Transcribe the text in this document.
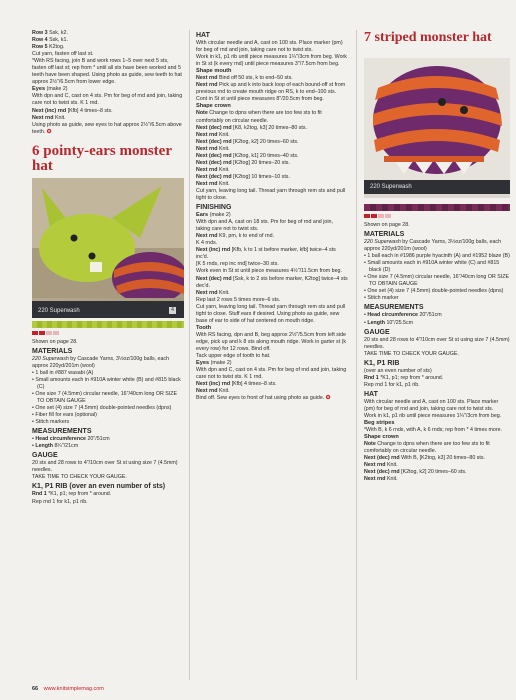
Row 3 Ssk, k2.

Row 4 Ssk, k1.

Row 5 K2tog.

Cut yarn, fasten off last st.

*With RS facing, join B and work rows 1–5 over next 5 sts, fasten off last st; rep from * until all sts have been worked and 5 teeth have been shaped. Using photo as guide, sew teeth to hat approx 2½"/6.5cm from lower edge.

Eyes (make 2)

With dpn and C, cast on 4 sts. Pm for beg of rnd and join, taking care not to twist sts. K 1 rnd.

Next (inc) rnd [Kfb] 4 times–8 sts.

Next rnd Knit.

Using photo as guide, sew eyes to hat approx 2½"/6.5cm above teeth. ✪

6 pointy-ears monster hat
220 Superwash	4

Shown on page 28.

MATERIALS

220 Superwash by Cascade Yarns, 3½oz/100g balls, each approx 220yd/201m (wool)

• 1 ball in #887 wasabi (A)

• Small amounts each in #910A winter white (B) and #815 black (C)

• One size 7 (4.5mm) circular needle, 16"/40cm long OR SIZE TO OBTAIN GAUGE

• One set (4) size 7 (4.5mm) double-pointed needles (dpns)

• Fiber fill for ears (optional)

• Stitch markers

MEASUREMENTS

• Head circumference 20"/51cm

• Length 8¼"/21cm

GAUGE

20 sts and 28 rows to 4"/10cm over St st using size 7 (4.5mm) needles.

TAKE TIME TO CHECK YOUR GAUGE.

K1, P1 RIB (over an even number of sts)

Rnd 1 *K1, p1; rep from * around.

Rep rnd 1 for k1, p1 rib.

HAT

With circular needle and A, cast on 100 sts. Place marker (pm) for beg of rnd and join, taking care not to twist sts.

Work in k1, p1 rib until piece measures 1¼"/3cm from beg. Work in St st (k every rnd) until piece measures 3"/7.5cm from beg.

Shape mouth

Next rnd Bind off 50 sts, k to end–50 sts.

Next rnd Pick up and k into back loop of each bound-off st from previous rnd to create mouth ridge on RS, k to end–100 sts.

Cont in St st until piece measures 8"/20.5cm from beg.

Shape crown

Note Change to dpns when there are too few sts to fit comfortably on circular needle.

Next (dec) rnd [K8, k2tog, k3] 20 times–80 sts.

Next rnd Knit.

Next (dec) rnd [K2tog, k2] 20 times–60 sts.

Next rnd Knit.

Next (dec) rnd [K2tog, k1] 20 times–40 sts.

Next (dec) rnd [K2tog] 20 times–20 sts.

Next rnd Knit.

Next (dec) rnd [K2tog] 10 times–10 sts.

Next rnd Knit.

Cut yarn, leaving long tail. Thread yarn through rem sts and pull tight to close.

FINISHING

Ears (make 2)

With dpn and A, cast on 18 sts. Pm for beg of rnd and join, taking care not to twist sts.

Next rnd K9, pm, k to end of rnd.

K 4 rnds.

Next (inc) rnd [Kfb, k to 1 st before marker, kfb] twice–4 sts inc'd.

[K 5 rnds, rep inc rnd] twice–30 sts.

Work even in St st until piece measures 4½"/11.5cm from beg.

Next (dec) rnd [Ssk, k to 2 sts before marker, K2tog] twice–4 sts dec'd.

Next rnd Knit.

Rep last 2 rows 5 times more–6 sts.

Cut yarn, leaving long tail. Thread yarn through rem sts and pull tight to close. Stuff ears if desired. Using photo as guide, sew base of ear to side of hat centered on mouth ridge.

Tooth

With RS facing, dpn and B, beg approx 2½"/5.5cm from left side edge, pick up and k 8 sts along mouth ridge. Work in garter st (k every row) for 12 rows. Bind off.

Tack upper edge of tooth to hat.

Eyes (make 2)

With dpn and C, cast on 4 sts. Pm for beg of rnd and join, taking care not to twist sts. K 1 rnd.

Next (inc) rnd [Kfb] 4 times–8 sts.

Next rnd Knit.

Bind off. Sew eyes to front of hat using photo as guide. ✪

7 striped monster hat
220 Superwash

Shown on page 28.

MATERIALS

220 Superwash by Cascade Yarns, 3½oz/100g balls, each approx 220yd/201m (wool)

• 1 ball each in #1986 purple hyacinth (A) and #1952 blaze (B)

• Small amounts each in #910A winter white (C) and #815 black (D)

• One size 7 (4.5mm) circular needle, 16"/40cm long OR SIZE TO OBTAIN GAUGE

• One set (4) size 7 (4.5mm) double-pointed needles (dpns)

• Stitch marker

MEASUREMENTS

• Head circumference 20"/51cm

• Length 10"/25.5cm

GAUGE

20 sts and 28 rows to 4"/10cm over St st using size 7 (4.5mm) needles.

TAKE TIME TO CHECK YOUR GAUGE.

K1, P1 RIB

(over an even number of sts)

Rnd 1 *K1, p1; rep from * around.

Rep rnd 1 for k1, p1 rib.

HAT

With circular needle and A, cast on 100 sts. Place marker (pm) for beg of rnd and join, taking care not to twist sts.

Work in k1, p1 rib until piece measures 1¼"/3cm from beg.

Beg stripes

*With B, k 6 rnds, with A, k 6 rnds; rep from * 4 times more.

Shape crown

Note Change to dpns when there are too few sts to fit comfortably on circular needle.

Next (dec) rnd With B, [K2tog, k3] 20 times–80 sts.

Next rnd Knit.

Next (dec) rnd [K2tog, k2] 20 times–60 sts.

Next rnd Knit.

66 www.knitsimplemag.com
